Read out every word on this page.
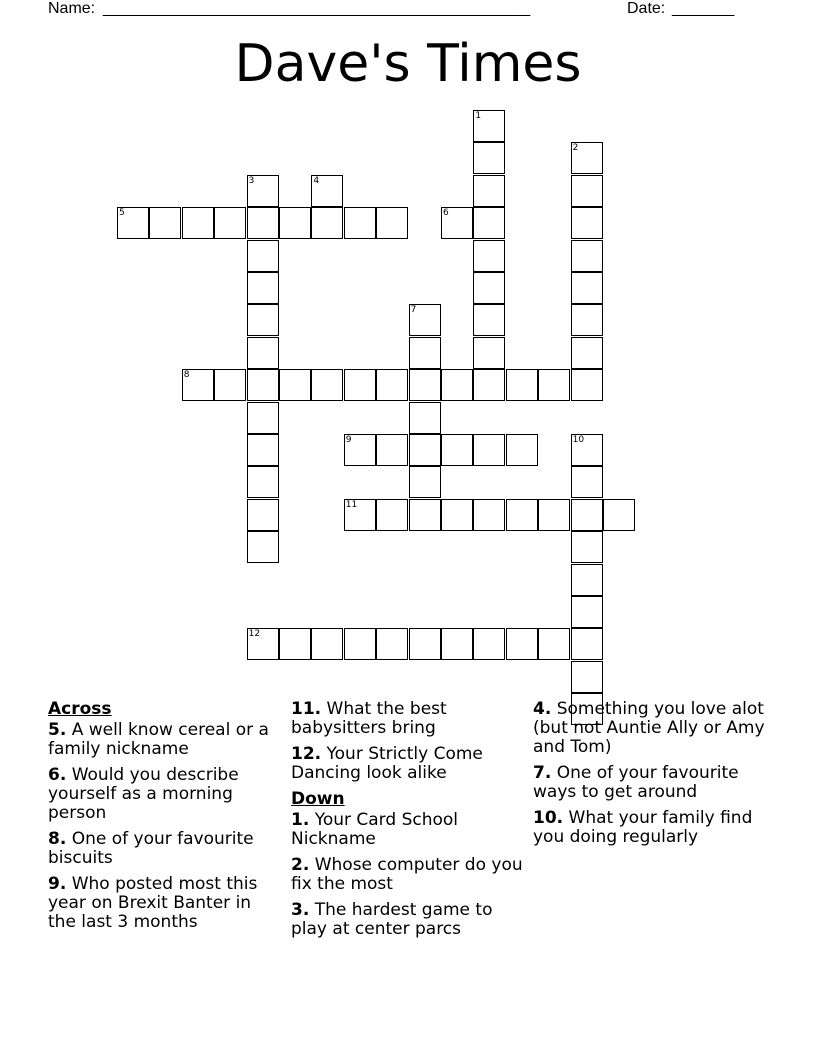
Name: ________________________________________________	Date: _______
Dave's Times
1
2
3	4
5	6
7
8
9	10
11
12
Across
5. A well know cereal or a family nickname
6. Would you describe yourself as a morning person
8. One of your favourite biscuits
9. Who posted most this year on Brexit Banter in the last 3 months
11. What the best babysitters bring
12. Your Strictly Come Dancing look alike
Down
1. Your Card School Nickname
2. Whose computer do you fix the most
3. The hardest game to play at center parcs
4. Something you love alot (but not Auntie Ally or Amy and Tom)
7. One of your favourite ways to get around
10. What your family find you doing regularly
